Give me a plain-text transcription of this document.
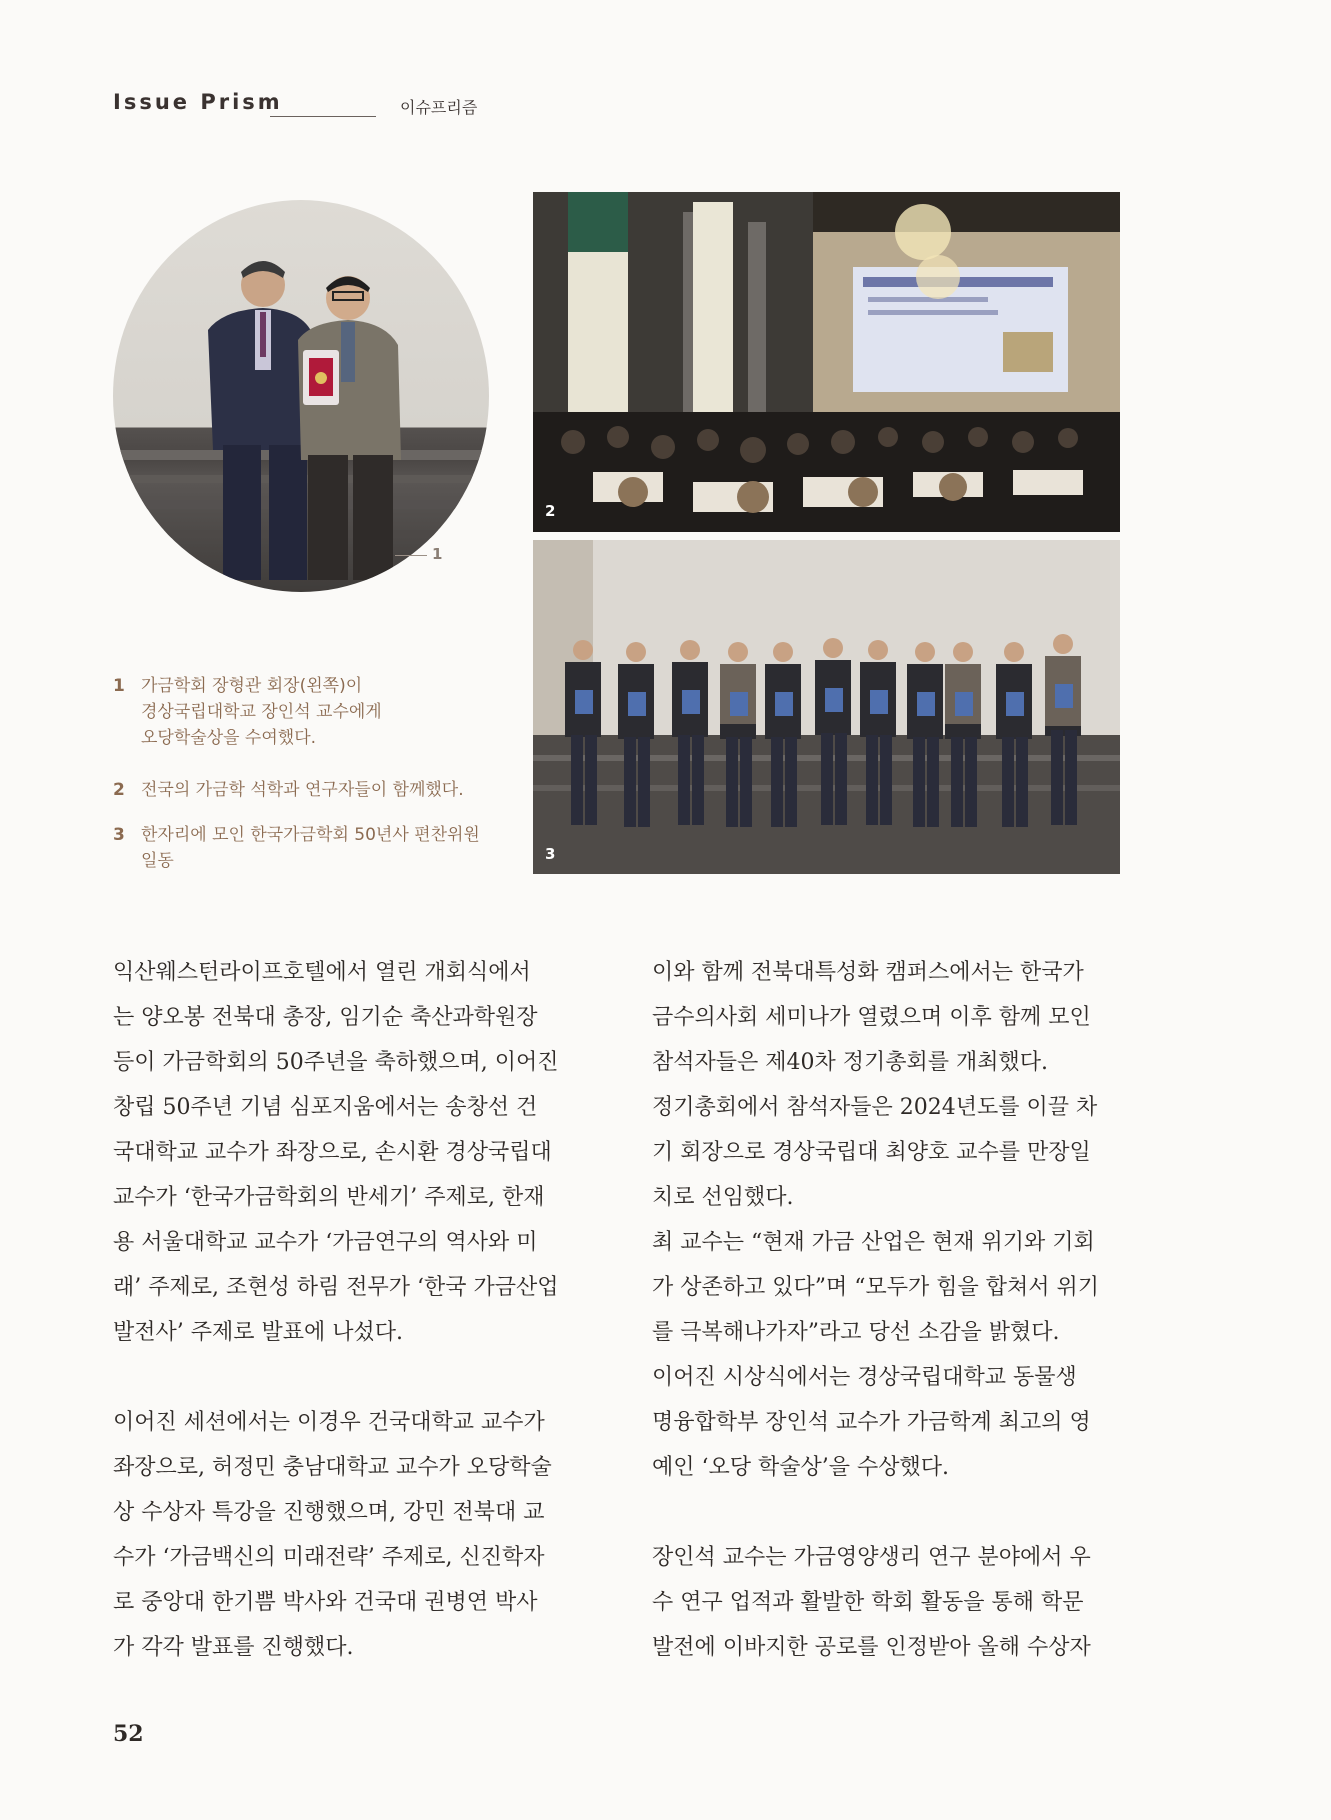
Issue Prism	이슈프리즘
1
2
3
1 가금학회 장형관 회장(왼쪽)이
경상국립대학교 장인석 교수에게
오당학술상을 수여했다.
2 전국의 가금학 석학과 연구자들이 함께했다.
3 한자리에 모인 한국가금학회 50년사 편찬위원
일동

익산웨스턴라이프호텔에서 열린 개회식에서
는 양오봉 전북대 총장, 임기순 축산과학원장
등이 가금학회의 50주년을 축하했으며, 이어진
창립 50주년 기념 심포지움에서는 송창선 건
국대학교 교수가 좌장으로, 손시환 경상국립대
교수가 ‘한국가금학회의 반세기’ 주제로, 한재
용 서울대학교 교수가 ‘가금연구의 역사와 미
래’ 주제로, 조현성 하림 전무가 ‘한국 가금산업
발전사’ 주제로 발표에 나섰다.

이어진 세션에서는 이경우 건국대학교 교수가
좌장으로, 허정민 충남대학교 교수가 오당학술
상 수상자 특강을 진행했으며, 강민 전북대 교
수가 ‘가금백신의 미래전략’ 주제로, 신진학자
로 중앙대 한기쁨 박사와 건국대 권병연 박사
가 각각 발표를 진행했다.

이와 함께 전북대특성화 캠퍼스에서는 한국가
금수의사회 세미나가 열렸으며 이후 함께 모인
참석자들은 제40차 정기총회를 개최했다.

정기총회에서 참석자들은 2024년도를 이끌 차
기 회장으로 경상국립대 최양호 교수를 만장일
치로 선임했다.

최 교수는 “현재 가금 산업은 현재 위기와 기회
가 상존하고 있다”며 “모두가 힘을 합쳐서 위기
를 극복해나가자”라고 당선 소감을 밝혔다.

이어진 시상식에서는 경상국립대학교 동물생
명융합학부 장인석 교수가 가금학계 최고의 영
예인 ‘오당 학술상’을 수상했다.

장인석 교수는 가금영양생리 연구 분야에서 우
수 연구 업적과 활발한 학회 활동을 통해 학문
발전에 이바지한 공로를 인정받아 올해 수상자

52
